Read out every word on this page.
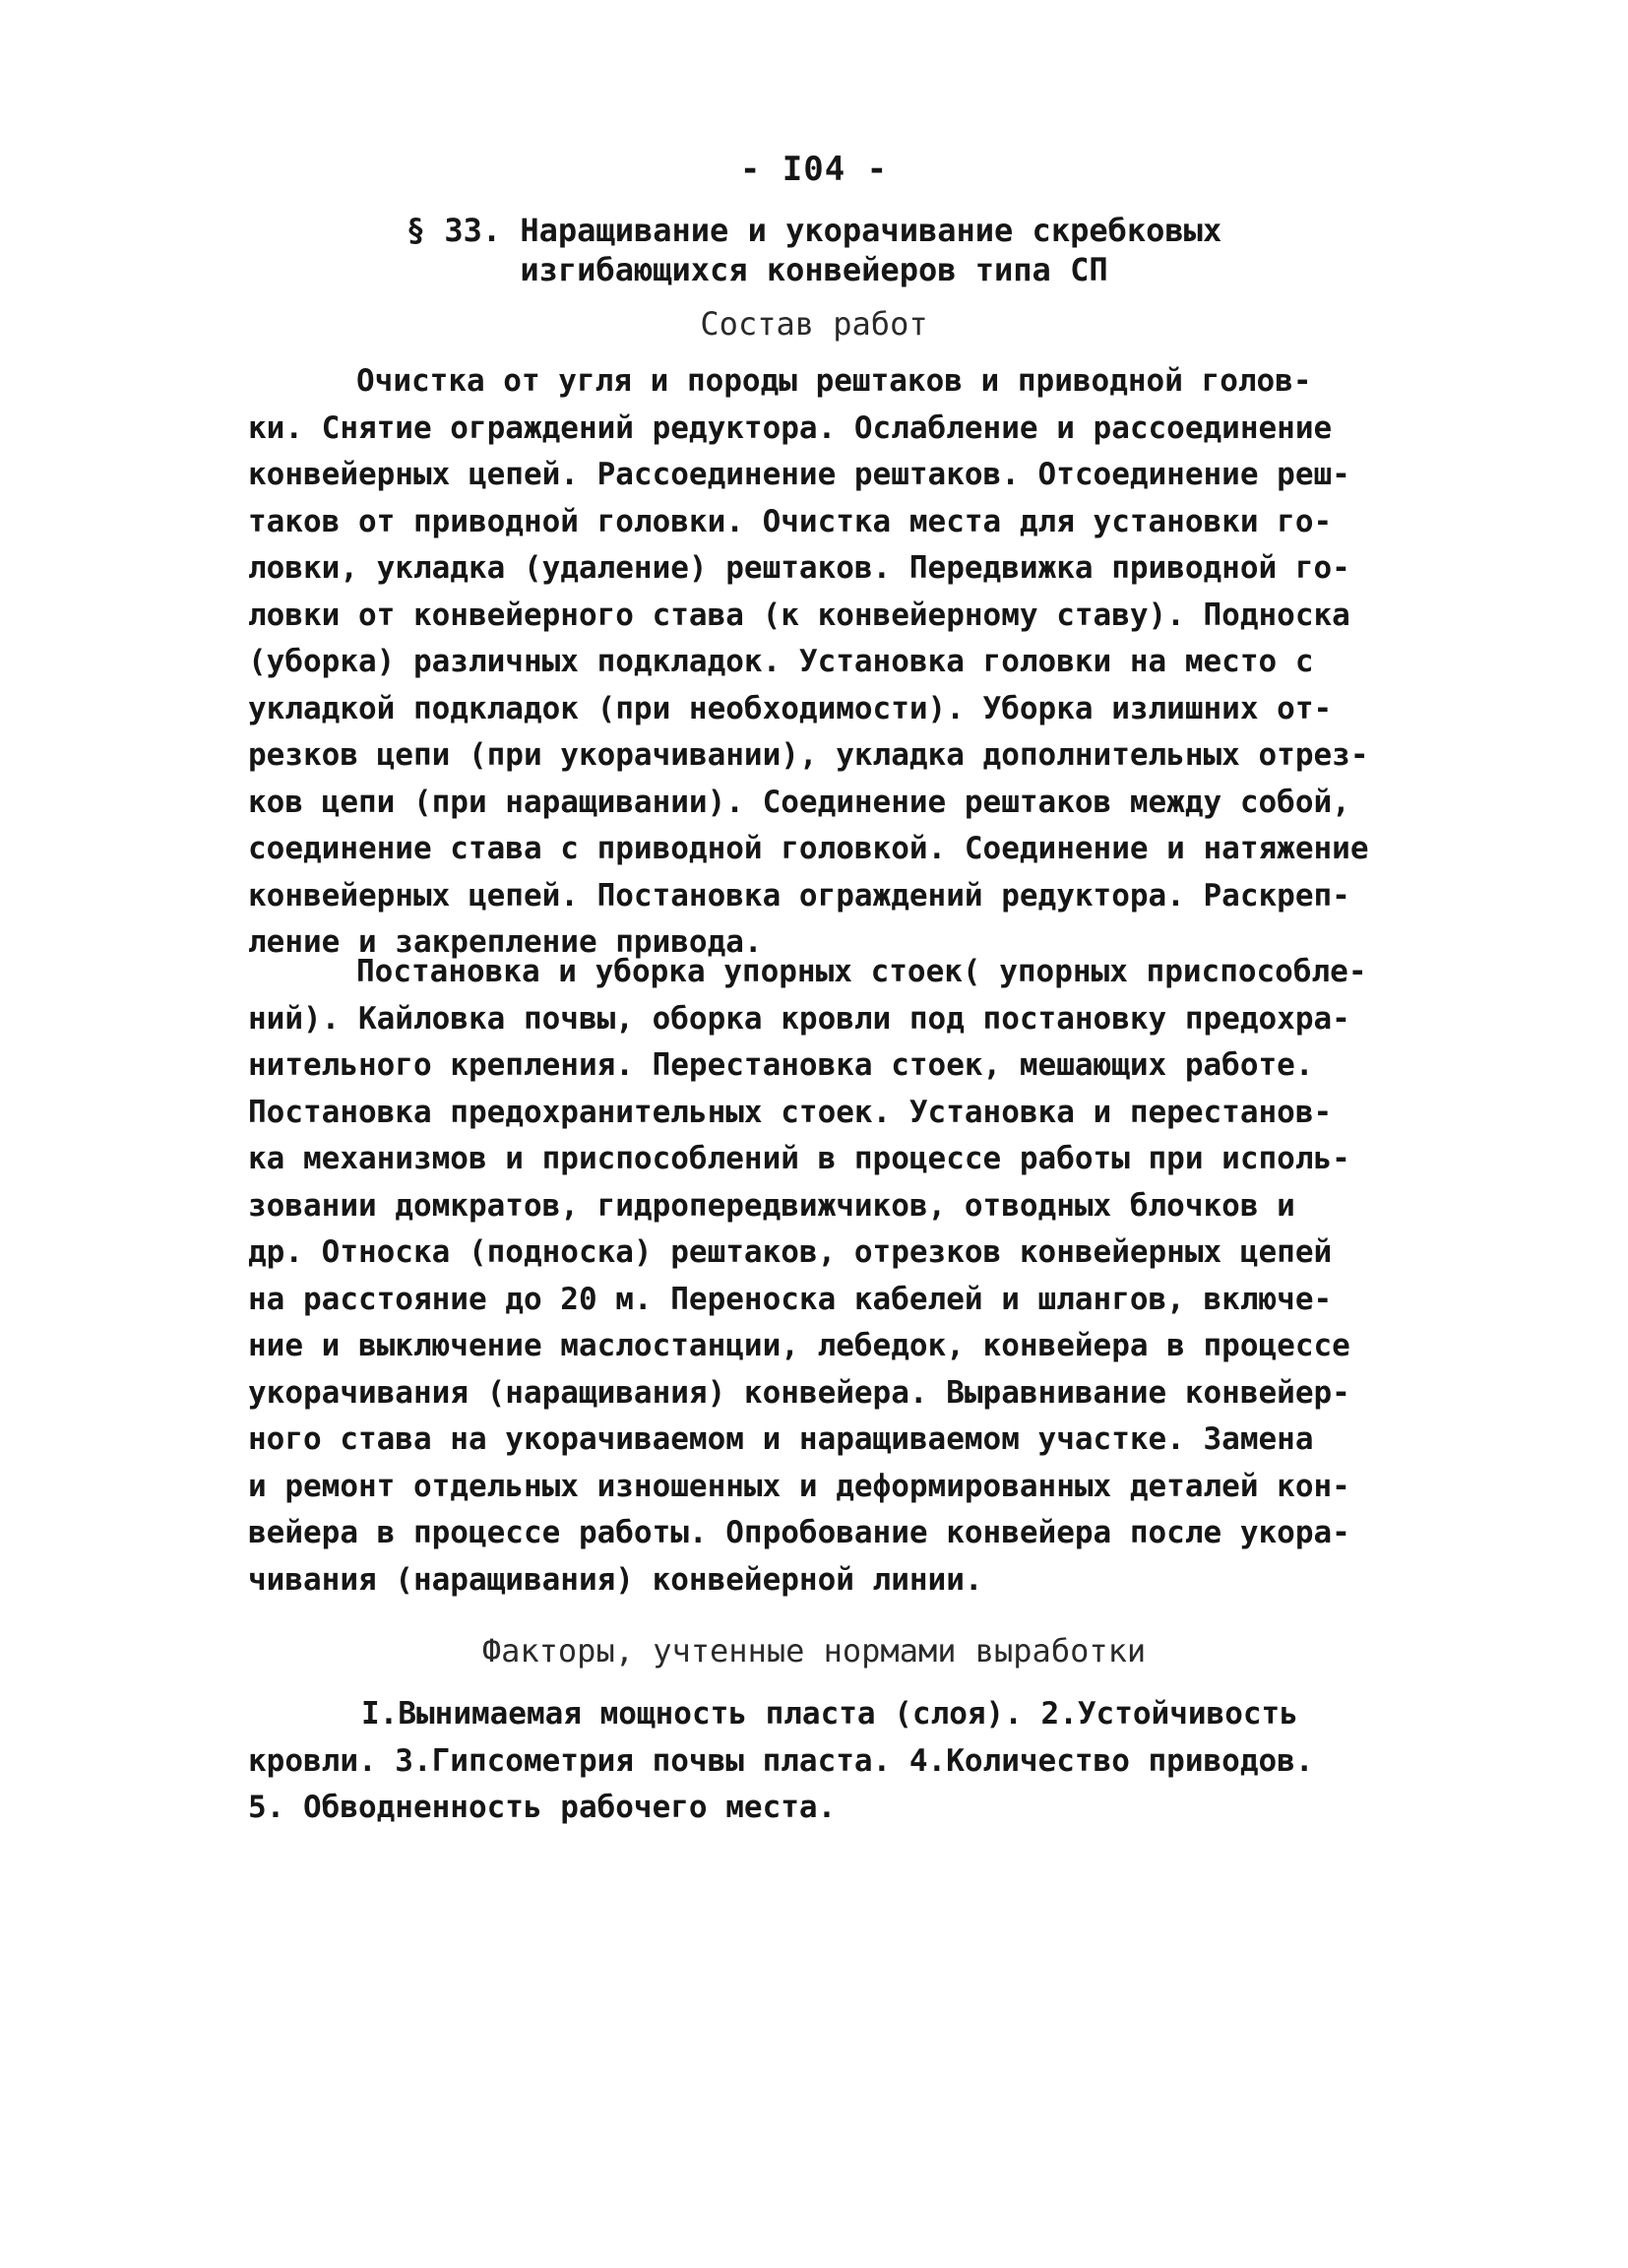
- I04 -
§ 33. Наращивание и укорачивание скребковых
изгибающихся конвейеров типа СП
Состав работ
Очистка от угля и породы рештаков и приводной голов-
ки. Снятие ограждений редуктора. Ослабление и рассоединение
конвейерных цепей. Рассоединение рештаков. Отсоединение реш-
таков от приводной головки. Очистка места для установки го-
ловки, укладка (удаление) рештаков. Передвижка приводной го-
ловки от конвейерного става (к конвейерному ставу). Подноска
(уборка) различных подкладок. Установка головки на место с
укладкой подкладок (при необходимости). Уборка излишних от-
резков цепи (при укорачивании), укладка дополнительных отрез-
ков цепи (при наращивании). Соединение рештаков между собой,
соединение става с приводной головкой. Соединение и натяжение
конвейерных цепей. Постановка ограждений редуктора. Раскреп-
ление и закрепление привода.
Постановка и уборка упорных стоек( упорных приспособле-
ний). Кайловка почвы, оборка кровли под постановку предохра-
нительного крепления. Перестановка стоек, мешающих работе.
Постановка предохранительных стоек. Установка и перестанов-
ка механизмов и приспособлений в процессе работы при исполь-
зовании домкратов, гидропередвижчиков, отводных блочков и
др. Относка (подноска) рештаков, отрезков конвейерных цепей
на расстояние до 20 м. Переноска кабелей и шлангов, включе-
ние и выключение маслостанции, лебедок, конвейера в процессе
укорачивания (наращивания) конвейера. Выравнивание конвейер-
ного става на укорачиваемом и наращиваемом участке. Замена
и ремонт отдельных изношенных и деформированных деталей кон-
вейера в процессе работы. Опробование конвейера после укора-
чивания (наращивания) конвейерной линии.
Факторы, учтенные нормами выработки
I.Вынимаемая мощность пласта (слоя). 2.Устойчивость
кровли. 3.Гипсометрия почвы пласта. 4.Количество приводов.
5. Обводненность рабочего места.
